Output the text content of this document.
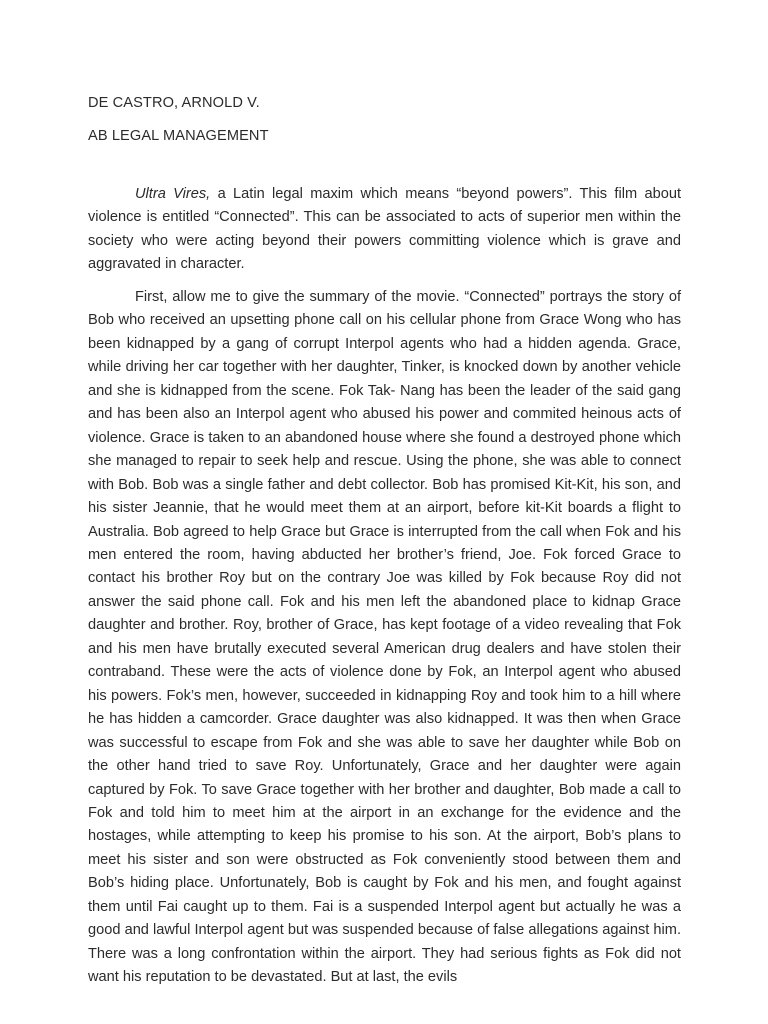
DE CASTRO, ARNOLD V.
AB LEGAL MANAGEMENT

Ultra Vires, a Latin legal maxim which means “beyond powers”. This film about violence is entitled “Connected”. This can be associated to acts of superior men within the society who were acting beyond their powers committing violence which is grave and aggravated in character.

First, allow me to give the summary of the movie. “Connected” portrays the story of Bob who received an upsetting phone call on his cellular phone from Grace Wong who has been kidnapped by a gang of corrupt Interpol agents who had a hidden agenda. Grace, while driving her car together with her daughter, Tinker, is knocked down by another vehicle and she is kidnapped from the scene. Fok Tak- Nang has been the leader of the said gang and has been also an Interpol agent who abused his power and commited heinous acts of violence. Grace is taken to an abandoned house where she found a destroyed phone which she managed to repair to seek help and rescue. Using the phone, she was able to connect with Bob. Bob was a single father and debt collector. Bob has promised Kit-Kit, his son, and his sister Jeannie, that he would meet them at an airport, before kit-Kit boards a flight to Australia. Bob agreed to help Grace but Grace is interrupted from the call when Fok and his men entered the room, having abducted her brother’s friend, Joe. Fok forced Grace to contact his brother Roy but on the contrary Joe was killed by Fok because Roy did not answer the said phone call. Fok and his men left the abandoned place to kidnap Grace daughter and brother. Roy, brother of Grace, has kept footage of a video revealing that Fok and his men have brutally executed several American drug dealers and have stolen their contraband. These were the acts of violence done by Fok, an Interpol agent who abused his powers. Fok’s men, however, succeeded in kidnapping Roy and took him to a hill where he has hidden a camcorder. Grace daughter was also kidnapped. It was then when Grace was successful to escape from Fok and she was able to save her daughter while Bob on the other hand tried to save Roy. Unfortunately, Grace and her daughter were again captured by Fok. To save Grace together with her brother and daughter, Bob made a call to Fok and told him to meet him at the airport in an exchange for the evidence and the hostages, while attempting to keep his promise to his son. At the airport, Bob’s plans to meet his sister and son were obstructed as Fok conveniently stood between them and Bob’s hiding place. Unfortunately, Bob is caught by Fok and his men, and fought against them until Fai caught up to them. Fai is a suspended Interpol agent but actually he was a good and lawful Interpol agent but was suspended because of false allegations against him. There was a long confrontation within the airport. They had serious fights as Fok did not want his reputation to be devastated. But at last, the evils
